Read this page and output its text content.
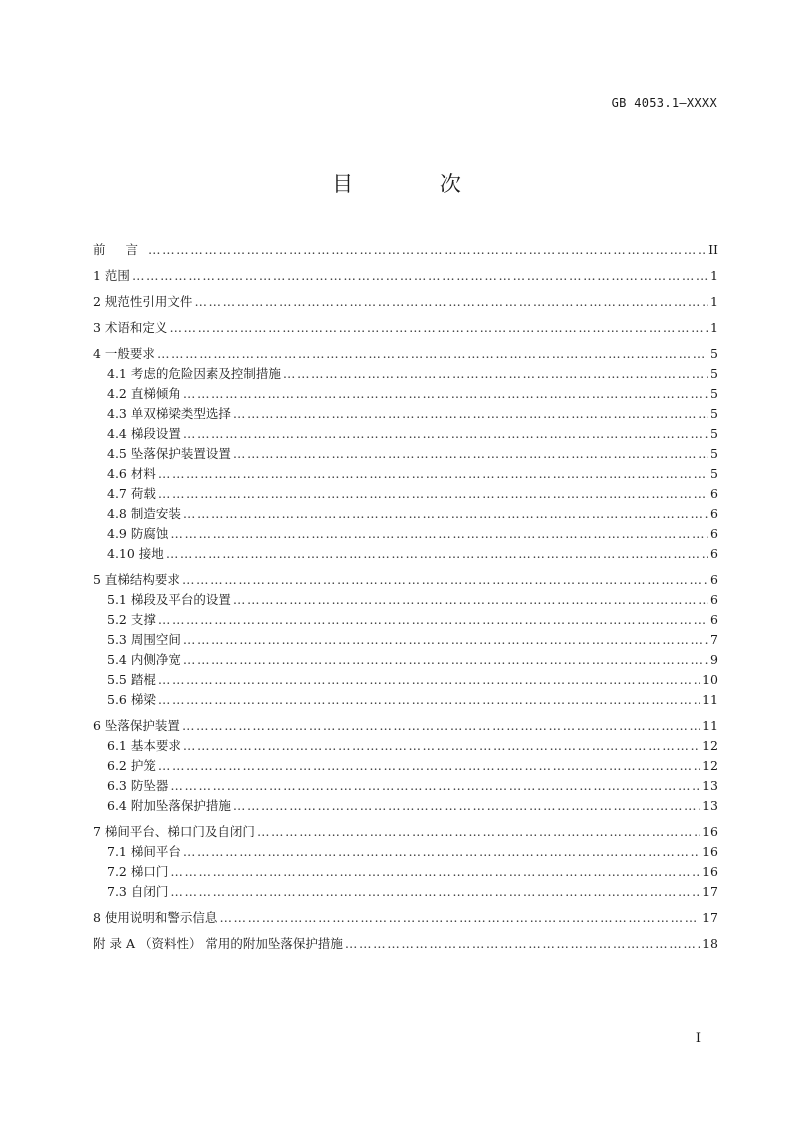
GB 4053.1—XXXX
目 次
前 言 ………………………………………………………………………………………………………………………………………………………………………………………………………………………………………………………………………………………………………………………………………………	II
1 范围 ………………………………………………………………………………………………………………………………………………………………………………………………………………………………………………………………………………………………………………………………………………	1
2 规范性引用文件 ………………………………………………………………………………………………………………………………………………………………………………………………………………………………………………………………………………………………………………………………………………	1
3 术语和定义 ………………………………………………………………………………………………………………………………………………………………………………………………………………………………………………………………………………………………………………………………………………	1
4 一般要求 ………………………………………………………………………………………………………………………………………………………………………………………………………………………………………………………………………………………………………………………………………………	5
4.1 考虑的危险因素及控制措施 ………………………………………………………………………………………………………………………………………………………………………………………………………………………………………………………………………………………………………………………………………………	5
4.2 直梯倾角 ………………………………………………………………………………………………………………………………………………………………………………………………………………………………………………………………………………………………………………………………………………	5
4.3 单双梯梁类型选择 ………………………………………………………………………………………………………………………………………………………………………………………………………………………………………………………………………………………………………………………………………………	5
4.4 梯段设置 ………………………………………………………………………………………………………………………………………………………………………………………………………………………………………………………………………………………………………………………………………………	5
4.5 坠落保护装置设置 ………………………………………………………………………………………………………………………………………………………………………………………………………………………………………………………………………………………………………………………………………………	5
4.6 材料 ………………………………………………………………………………………………………………………………………………………………………………………………………………………………………………………………………………………………………………………………………………	5
4.7 荷载 ………………………………………………………………………………………………………………………………………………………………………………………………………………………………………………………………………………………………………………………………………………	6
4.8 制造安装 ………………………………………………………………………………………………………………………………………………………………………………………………………………………………………………………………………………………………………………………………………………	6
4.9 防腐蚀 ………………………………………………………………………………………………………………………………………………………………………………………………………………………………………………………………………………………………………………………………………………	6
4.10 接地 ………………………………………………………………………………………………………………………………………………………………………………………………………………………………………………………………………………………………………………………………………………	6
5 直梯结构要求 ………………………………………………………………………………………………………………………………………………………………………………………………………………………………………………………………………………………………………………………………………………	6
5.1 梯段及平台的设置 ………………………………………………………………………………………………………………………………………………………………………………………………………………………………………………………………………………………………………………………………………………	6
5.2 支撑 ………………………………………………………………………………………………………………………………………………………………………………………………………………………………………………………………………………………………………………………………………………	6
5.3 周围空间 ………………………………………………………………………………………………………………………………………………………………………………………………………………………………………………………………………………………………………………………………………………	7
5.4 内侧净宽 ………………………………………………………………………………………………………………………………………………………………………………………………………………………………………………………………………………………………………………………………………………	9
5.5 踏棍 ………………………………………………………………………………………………………………………………………………………………………………………………………………………………………………………………………………………………………………………………………………	10
5.6 梯梁 ………………………………………………………………………………………………………………………………………………………………………………………………………………………………………………………………………………………………………………………………………………	11
6 坠落保护装置 ………………………………………………………………………………………………………………………………………………………………………………………………………………………………………………………………………………………………………………………………………………	11
6.1 基本要求 ………………………………………………………………………………………………………………………………………………………………………………………………………………………………………………………………………………………………………………………………………………	12
6.2 护笼 ………………………………………………………………………………………………………………………………………………………………………………………………………………………………………………………………………………………………………………………………………………	12
6.3 防坠器 ………………………………………………………………………………………………………………………………………………………………………………………………………………………………………………………………………………………………………………………………………………	13
6.4 附加坠落保护措施 ………………………………………………………………………………………………………………………………………………………………………………………………………………………………………………………………………………………………………………………………………………	13
7 梯间平台、梯口门及自闭门 ………………………………………………………………………………………………………………………………………………………………………………………………………………………………………………………………………………………………………………………………………………	16
7.1 梯间平台 ………………………………………………………………………………………………………………………………………………………………………………………………………………………………………………………………………………………………………………………………………………	16
7.2 梯口门 ………………………………………………………………………………………………………………………………………………………………………………………………………………………………………………………………………………………………………………………………………………	16
7.3 自闭门 ………………………………………………………………………………………………………………………………………………………………………………………………………………………………………………………………………………………………………………………………………………	17
8 使用说明和警示信息 ………………………………………………………………………………………………………………………………………………………………………………………………………………………………………………………………………………………………………………………………………………	17
附 录 A （资料性） 常用的附加坠落保护措施 ………………………………………………………………………………………………………………………………………………………………………………………………………………………………………………………………………………………………………………………………………………	18
I
